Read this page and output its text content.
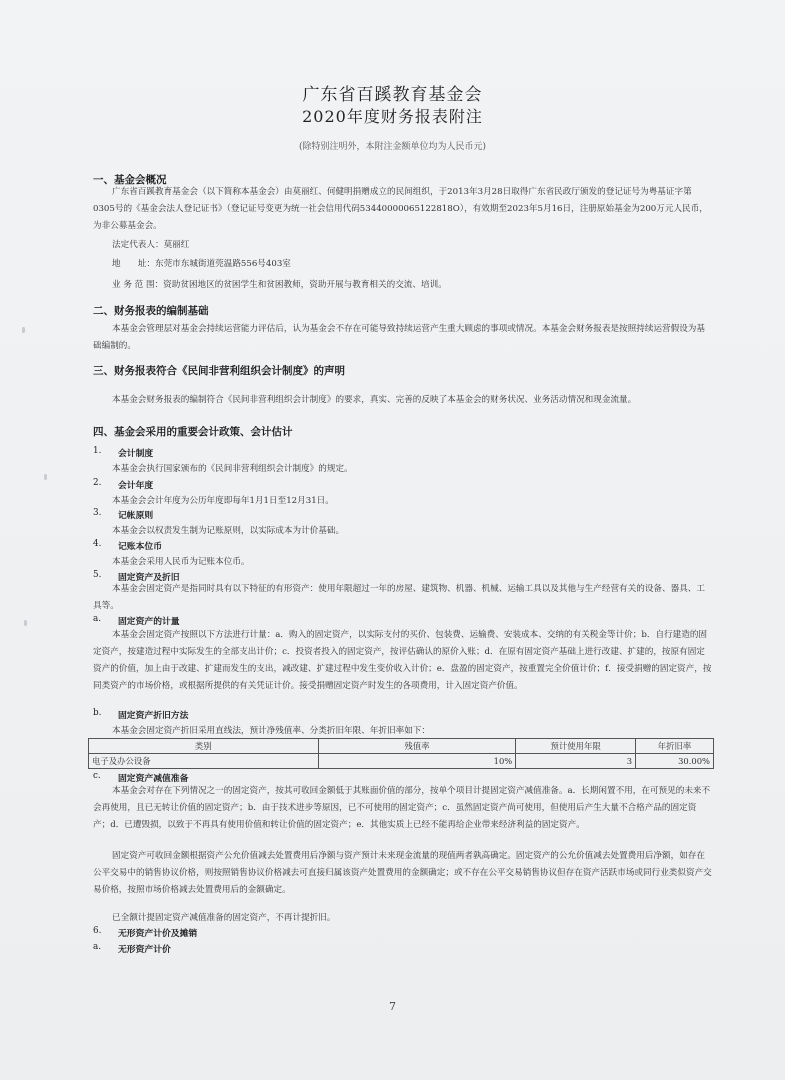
广东省百蹊教育基金会
2020年度财务报表附注
(除特别注明外，本附注金额单位均为人民币元)
一、基金会概况
广东省百蹊教育基金会（以下简称本基金会）由莫丽红、何健明捐赠成立的民间组织，于2013年3月28日取得广东省民政厅颁发的登记证号为粤基证字第0305号的《基金会法人登记证书》（登记证号变更为统一社会信用代码53440000065122818O），有效期至2023年5月16日，注册原始基金为200万元人民币，为非公募基金会。
法定代表人：莫丽红
地　　址：东莞市东城街道莞温路556号403室
业 务 范 围：资助贫困地区的贫困学生和贫困教师，资助开展与教育相关的交流、培训。
二、财务报表的编制基础
本基金会管理层对基金会持续运营能力评估后，认为基金会不存在可能导致持续运营产生重大顾虑的事项或情况。本基金会财务报表是按照持续运营假设为基础编制的。
三、财务报表符合《民间非营利组织会计制度》的声明
本基金会财务报表的编制符合《民间非营利组织会计制度》的要求，真实、完善的反映了本基金会的财务状况、业务活动情况和现金流量。
四、基金会采用的重要会计政策、会计估计
1. 会计制度
本基金会执行国家颁布的《民间非营利组织会计制度》的规定。
2. 会计年度
本基金会会计年度为公历年度即每年1月1日至12月31日。
3. 记帐原则
本基金会以权责发生制为记账原则，以实际成本为计价基础。
4. 记账本位币
本基金会采用人民币为记账本位币。
5. 固定资产及折旧
本基金会固定资产是指同时具有以下特征的有形资产：使用年限超过一年的房屋、建筑物、机器、机械、运输工具以及其他与生产经营有关的设备、器具、工具等。
a. 固定资产的计量
本基金会固定资产按照以下方法进行计量：a．购入的固定资产，以实际支付的买价、包装费、运输费、安装成本、交纳的有关税金等计价；b．自行建造的固定资产，按建造过程中实际发生的全部支出计价；c．投资者投入的固定资产，按评估确认的原价入账；d．在原有固定资产基础上进行改建、扩建的，按原有固定资产的价值，加上由于改建、扩建而发生的支出，减改建、扩建过程中发生变价收入计价；e．盘盈的固定资产，按重置完全价值计价；f．接受捐赠的固定资产，按同类资产的市场价格，或根据所提供的有关凭证计价。接受捐赠固定资产时发生的各项费用，计入固定资产价值。
b. 固定资产折旧方法
本基金会固定资产折旧采用直线法，预计净残值率、分类折旧年限、年折旧率如下：
类别	残值率	预计使用年限	年折旧率
电子及办公设备	10%	3	30.00%
c. 固定资产减值准备
本基金会对存在下列情况之一的固定资产，按其可收回金额低于其账面价值的部分，按单个项目计提固定资产减值准备。a．长期闲置不用，在可预见的未来不会再使用，且已无转让价值的固定资产；b．由于技术进步等原因，已不可使用的固定资产；c．虽然固定资产尚可使用，但使用后产生大量不合格产品的固定资产；d．已遭毁损，以致于不再具有使用价值和转让价值的固定资产；e．其他实质上已经不能再给企业带来经济利益的固定资产。
固定资产可收回金额根据资产公允价值减去处置费用后净额与资产预计未来现金流量的现值两者孰高确定。固定资产的公允价值减去处置费用后净额，如存在公平交易中的销售协议价格，则按照销售协议价格减去可直接归属该资产处置费用的金额确定；或不存在公平交易销售协议但存在资产活跃市场或同行业类似资产交易价格，按照市场价格减去处置费用后的金额确定。
已全额计提固定资产减值准备的固定资产，不再计提折旧。
6. 无形资产计价及摊销
a. 无形资产计价
7
